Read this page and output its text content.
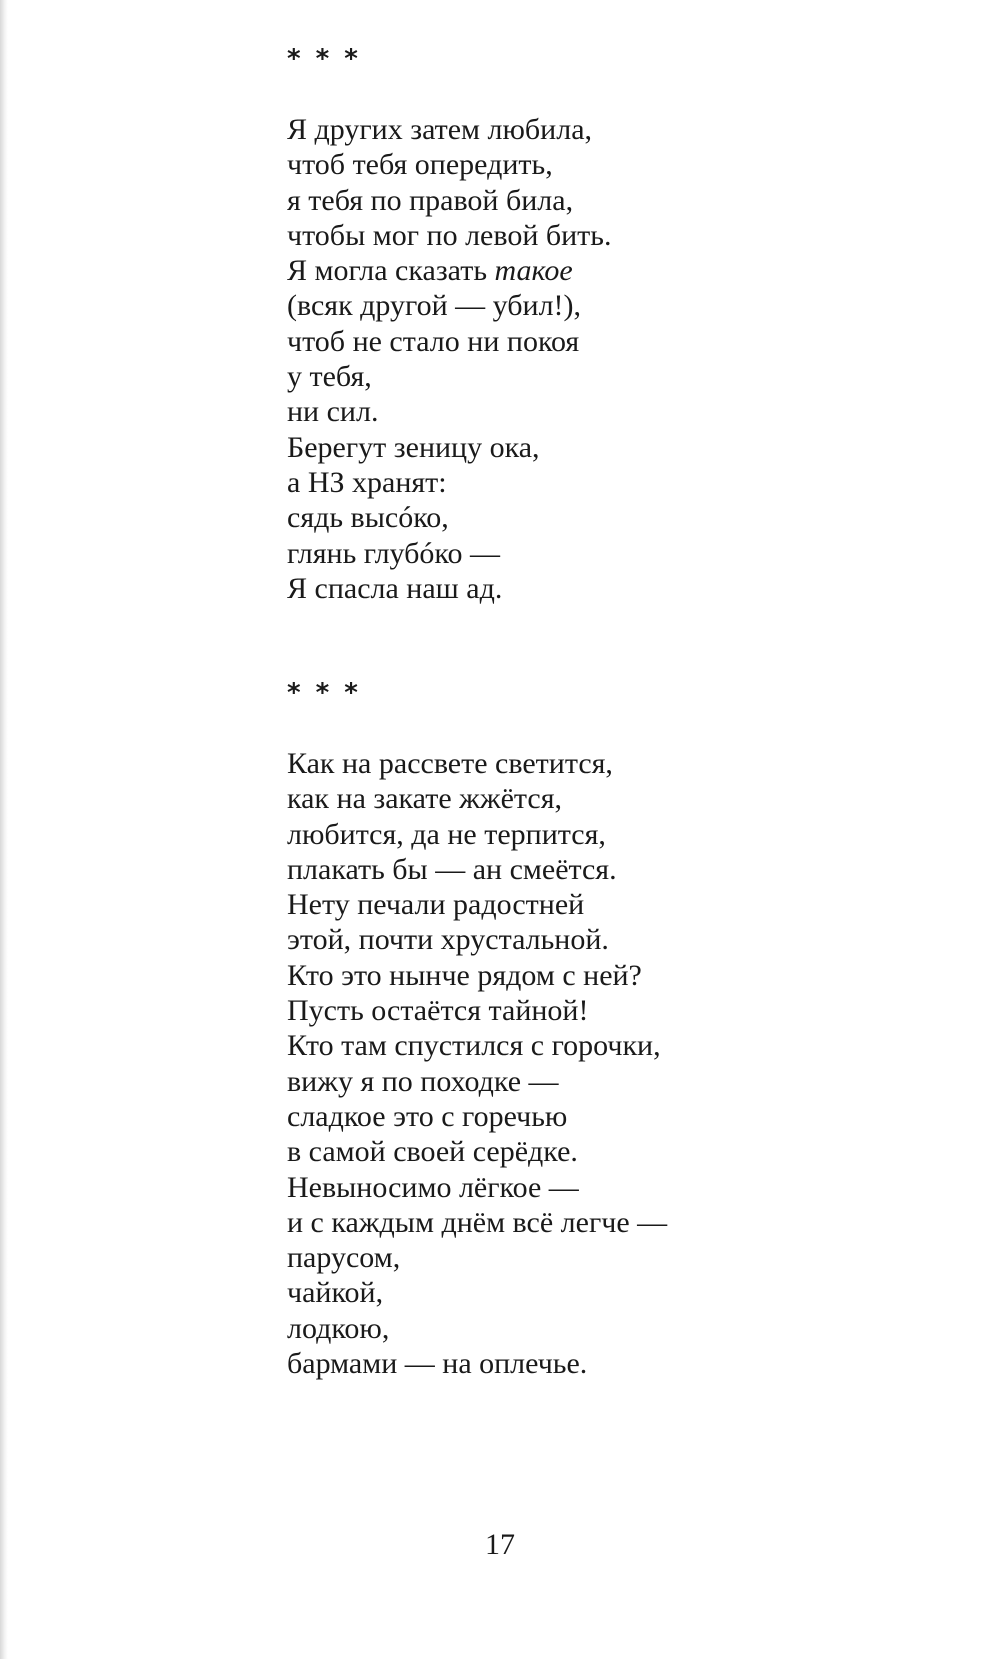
* * *
Я других затем любила,
чтоб тебя опередить,
я тебя по правой била,
чтобы мог по левой бить.
Я могла сказать такое
(всяк другой — убил!),
чтоб не стало ни покоя
у тебя,
ни сил.
Берегут зеницу ока,
а НЗ хранят:
сядь высóко,
глянь глубóко —
Я спасла наш ад.
* * *
Как на рассвете светится,
как на закате жжётся,
любится, да не терпится,
плакать бы — ан смеётся.
Нету печали радостней
этой, почти хрустальной.
Кто это нынче рядом с ней?
Пусть остаётся тайной!
Кто там спустился с горочки,
вижу я по походке —
сладкое это с горечью
в самой своей серёдке.
Невыносимо лёгкое —
и с каждым днём всё легче —
парусом,
чайкой,
лодкою,
бармами — на оплечье.
17
